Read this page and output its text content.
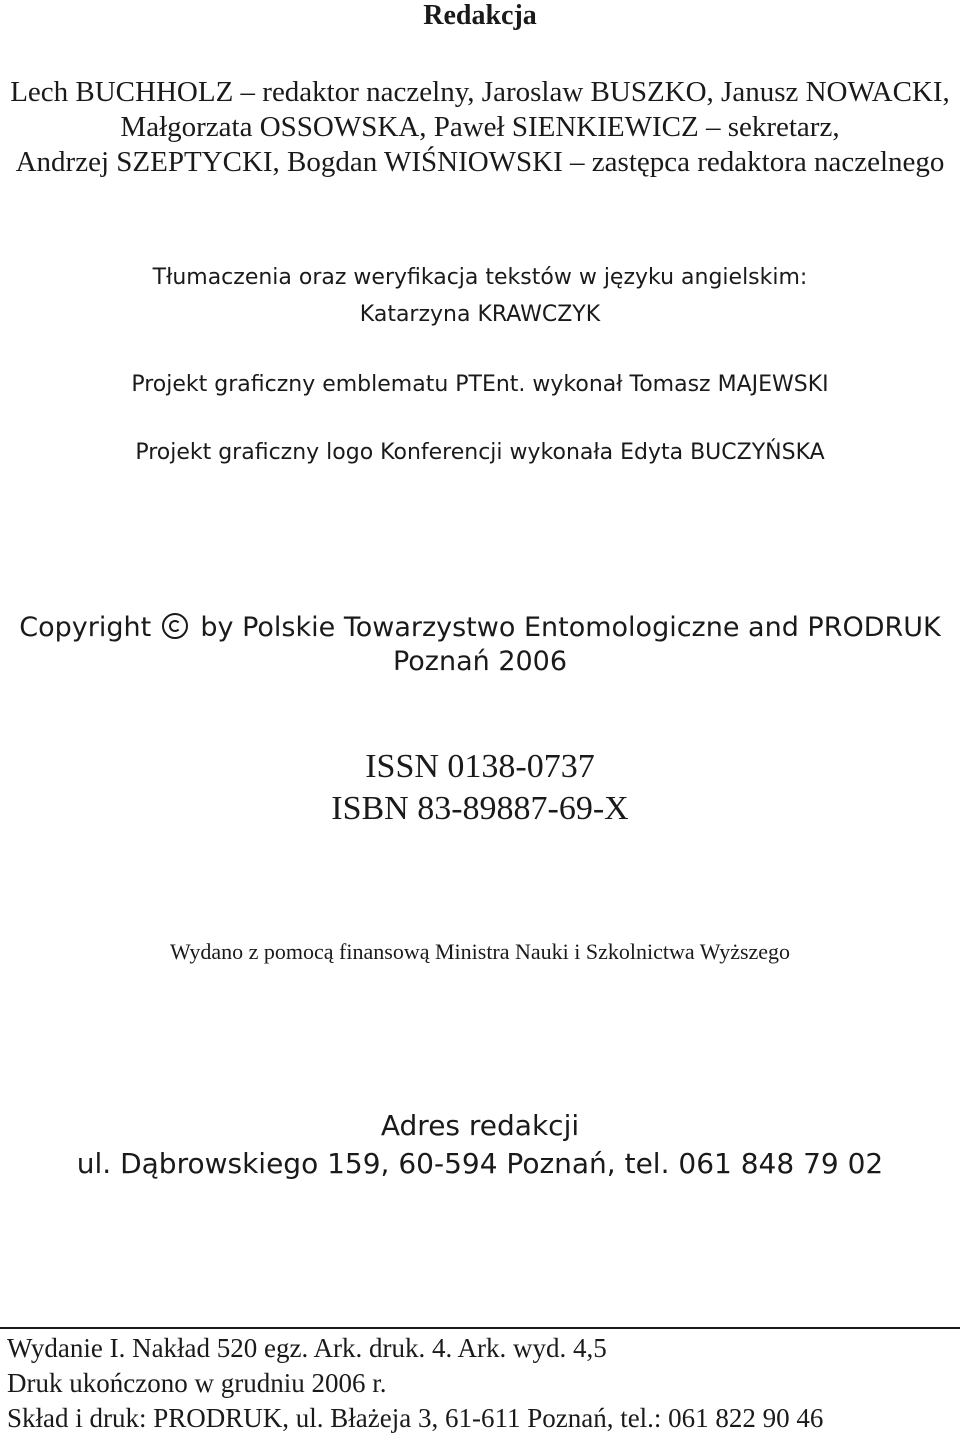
Redakcja
Lech BUCHHOLZ – redaktor naczelny, Jaroslaw BUSZKO, Janusz NOWACKI,
Małgorzata OSSOWSKA, Paweł SIENKIEWICZ – sekretarz,
Andrzej SZEPTYCKI, Bogdan WIŚNIOWSKI – zastępca redaktora naczelnego
Tłumaczenia oraz weryfikacja tekstów w języku angielskim:
Katarzyna KRAWCZYK
Projekt graficzny emblematu PTEnt. wykonał Tomasz MAJEWSKI
Projekt graficzny logo Konferencji wykonała Edyta BUCZYŃSKA
Copyright by Polskie Towarzystwo Entomologiczne and PRODRUK
Poznań 2006
ISSN 0138-0737
ISBN 83-89887-69-X
Wydano z pomocą finansową Ministra Nauki i Szkolnictwa Wyższego
Adres redakcji
ul. Dąbrowskiego 159, 60-594 Poznań, tel. 061 848 79 02
Wydanie I. Nakład 520 egz. Ark. druk. 4. Ark. wyd. 4,5
Druk ukończono w grudniu 2006 r.
Skład i druk: PRODRUK, ul. Błażeja 3, 61-611 Poznań, tel.: 061 822 90 46
